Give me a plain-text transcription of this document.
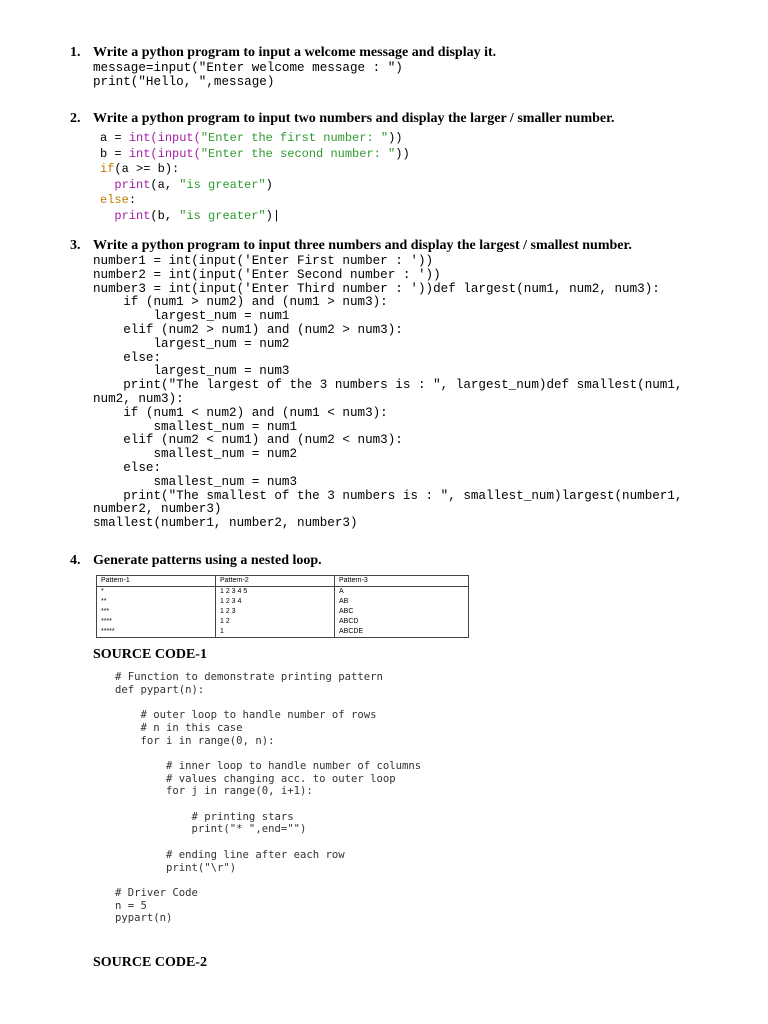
1. Write a python program to input a welcome message and display it.
message=input("Enter welcome message : ")
print("Hello, ",message)
2. Write a python program to input two numbers and display the larger / smaller number.
a = int(input("Enter the first number: "))
b = int(input("Enter the second number: "))
if(a >= b):
print(a, "is greater")
else:
print(b, "is greater")|
3. Write a python program to input three numbers and display the largest / smallest number.
number1 = int(input('Enter First number : '))
number2 = int(input('Enter Second number : '))
number3 = int(input('Enter Third number : '))def largest(num1, num2, num3):
if (num1 > num2) and (num1 > num3):
largest_num = num1
elif (num2 > num1) and (num2 > num3):
largest_num = num2
else:
largest_num = num3
print("The largest of the 3 numbers is : ", largest_num)def smallest(num1,
num2, num3):
if (num1 < num2) and (num1 < num3):
smallest_num = num1
elif (num2 < num1) and (num2 < num3):
smallest_num = num2
else:
smallest_num = num3
print("The smallest of the 3 numbers is : ", smallest_num)largest(number1,
number2, number3)
smallest(number1, number2, number3)
4. Generate patterns using a nested loop.
Pattern-1	Pattern-2	Pattern-3
*	1 2 3 4 5	A
**	1 2 3 4	AB
***	1 2 3	ABC
****	1 2	ABCD
*****	1	ABCDE
SOURCE CODE-1
# Function to demonstrate printing pattern
def pypart(n):

# outer loop to handle number of rows
# n in this case
for i in range(0, n):

# inner loop to handle number of columns
# values changing acc. to outer loop
for j in range(0, i+1):

# printing stars
print("* ",end="")

# ending line after each row
print("\r")

# Driver Code
n = 5
pypart(n)
SOURCE CODE-2
